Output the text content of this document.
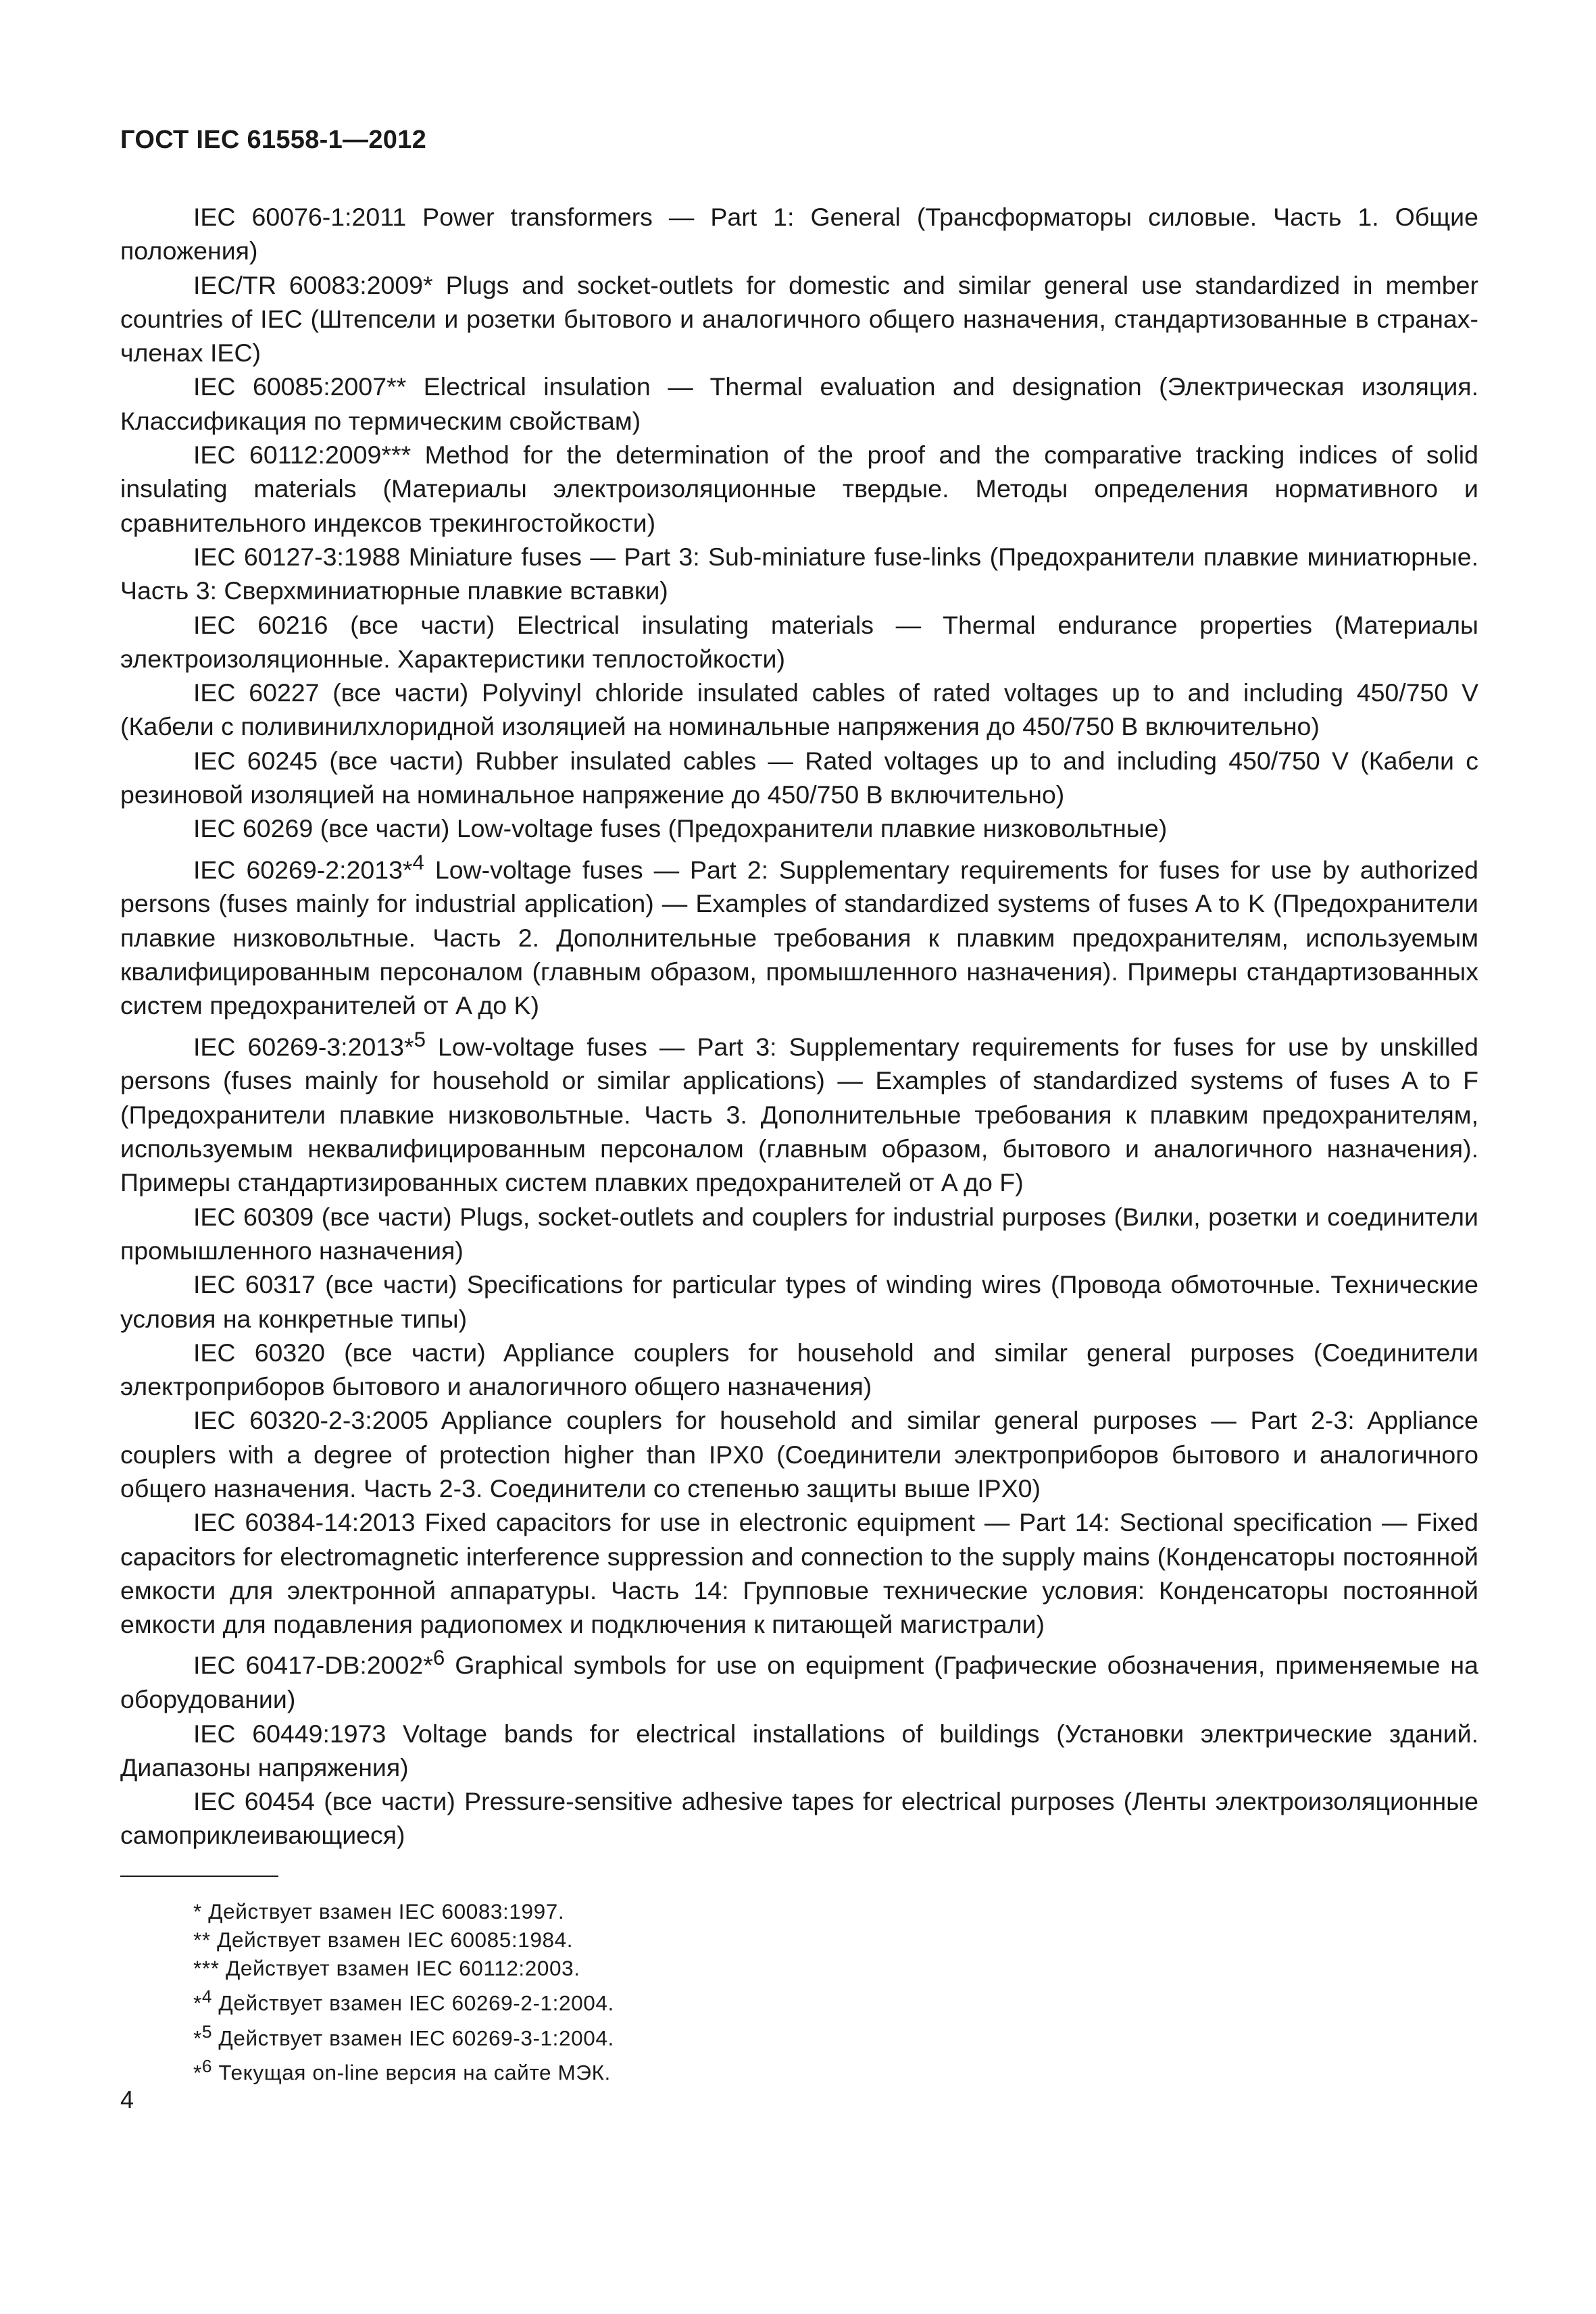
ГОСТ IEC 61558-1—2012

IEC 60076-1:2011 Power transformers — Part 1: General (Трансформаторы силовые. Часть 1. Общие положения)

IEC/TR 60083:2009* Plugs and socket-outlets for domestic and similar general use standardized in member countries of IEC (Штепсели и розетки бытового и аналогичного общего назначения, стандартизованные в странах-членах IEC)

IEC 60085:2007** Electrical insulation — Thermal evaluation and designation (Электрическая изоляция. Классификация по термическим свойствам)

IEC 60112:2009*** Method for the determination of the proof and the comparative tracking indices of solid insulating materials (Материалы электроизоляционные твердые. Методы определения нормативного и сравнительного индексов трекингостойкости)

IEC 60127-3:1988 Miniature fuses — Part 3: Sub-miniature fuse-links (Предохранители плавкие миниатюрные. Часть 3: Сверхминиатюрные плавкие вставки)

IEC 60216 (все части) Electrical insulating materials — Thermal endurance properties (Материалы электроизоляционные. Характеристики теплостойкости)

IEC 60227 (все части) Polyvinyl chloride insulated cables of rated voltages up to and including 450/750 V (Кабели с поливинилхлоридной изоляцией на номинальные напряжения до 450/750 В включительно)

IEC 60245 (все части) Rubber insulated cables — Rated voltages up to and including 450/750 V (Кабели с резиновой изоляцией на номинальное напряжение до 450/750 В включительно)

IEC 60269 (все части) Low-voltage fuses (Предохранители плавкие низковольтные)

IEC 60269-2:2013*$^4$ Low-voltage fuses — Part 2: Supplementary requirements for fuses for use by authorized persons (fuses mainly for industrial application) — Examples of standardized systems of fuses A to K (Предохранители плавкие низковольтные. Часть 2. Дополнительные требования к плавким предохранителям, используемым квалифицированным персоналом (главным образом, промышленного назначения). Примеры стандартизованных систем предохранителей от A до K)

IEC 60269-3:2013*$^5$ Low-voltage fuses — Part 3: Supplementary requirements for fuses for use by unskilled persons (fuses mainly for household or similar applications) — Examples of standardized systems of fuses A to F (Предохранители плавкие низковольтные. Часть 3. Дополнительные требования к плавким предохранителям, используемым неквалифицированным персоналом (главным образом, бытового и аналогичного назначения). Примеры стандартизированных систем плавких предохранителей от A до F)

IEC 60309 (все части) Plugs, socket-outlets and couplers for industrial purposes (Вилки, розетки и соединители промышленного назначения)

IEC 60317 (все части) Specifications for particular types of winding wires (Провода обмоточные. Технические условия на конкретные типы)

IEC 60320 (все части) Appliance couplers for household and similar general purposes (Соединители электроприборов бытового и аналогичного общего назначения)

IEC 60320-2-3:2005 Appliance couplers for household and similar general purposes — Part 2-3: Appliance couplers with a degree of protection higher than IPX0 (Соединители электроприборов бытового и аналогичного общего назначения. Часть 2-3. Соединители со степенью защиты выше IPX0)

IEC 60384-14:2013 Fixed capacitors for use in electronic equipment — Part 14: Sectional specification — Fixed capacitors for electromagnetic interference suppression and connection to the supply mains (Конденсаторы постоянной емкости для электронной аппаратуры. Часть 14: Групповые технические условия: Конденсаторы постоянной емкости для подавления радиопомех и подключения к питающей магистрали)

IEC 60417-DB:2002*$^6$ Graphical symbols for use on equipment (Графические обозначения, применяемые на оборудовании)

IEC 60449:1973 Voltage bands for electrical installations of buildings (Установки электрические зданий. Диапазоны напряжения)

IEC 60454 (все части) Pressure-sensitive adhesive tapes for electrical purposes (Ленты электроизоляционные самоприклеивающиеся)

* Действует взамен IEC 60083:1997.

** Действует взамен IEC 60085:1984.

*** Действует взамен IEC 60112:2003.

*$^4$ Действует взамен IEC 60269-2-1:2004.

*$^5$ Действует взамен IEC 60269-3-1:2004.

*$^6$ Текущая on-line версия на сайте МЭК.

4
